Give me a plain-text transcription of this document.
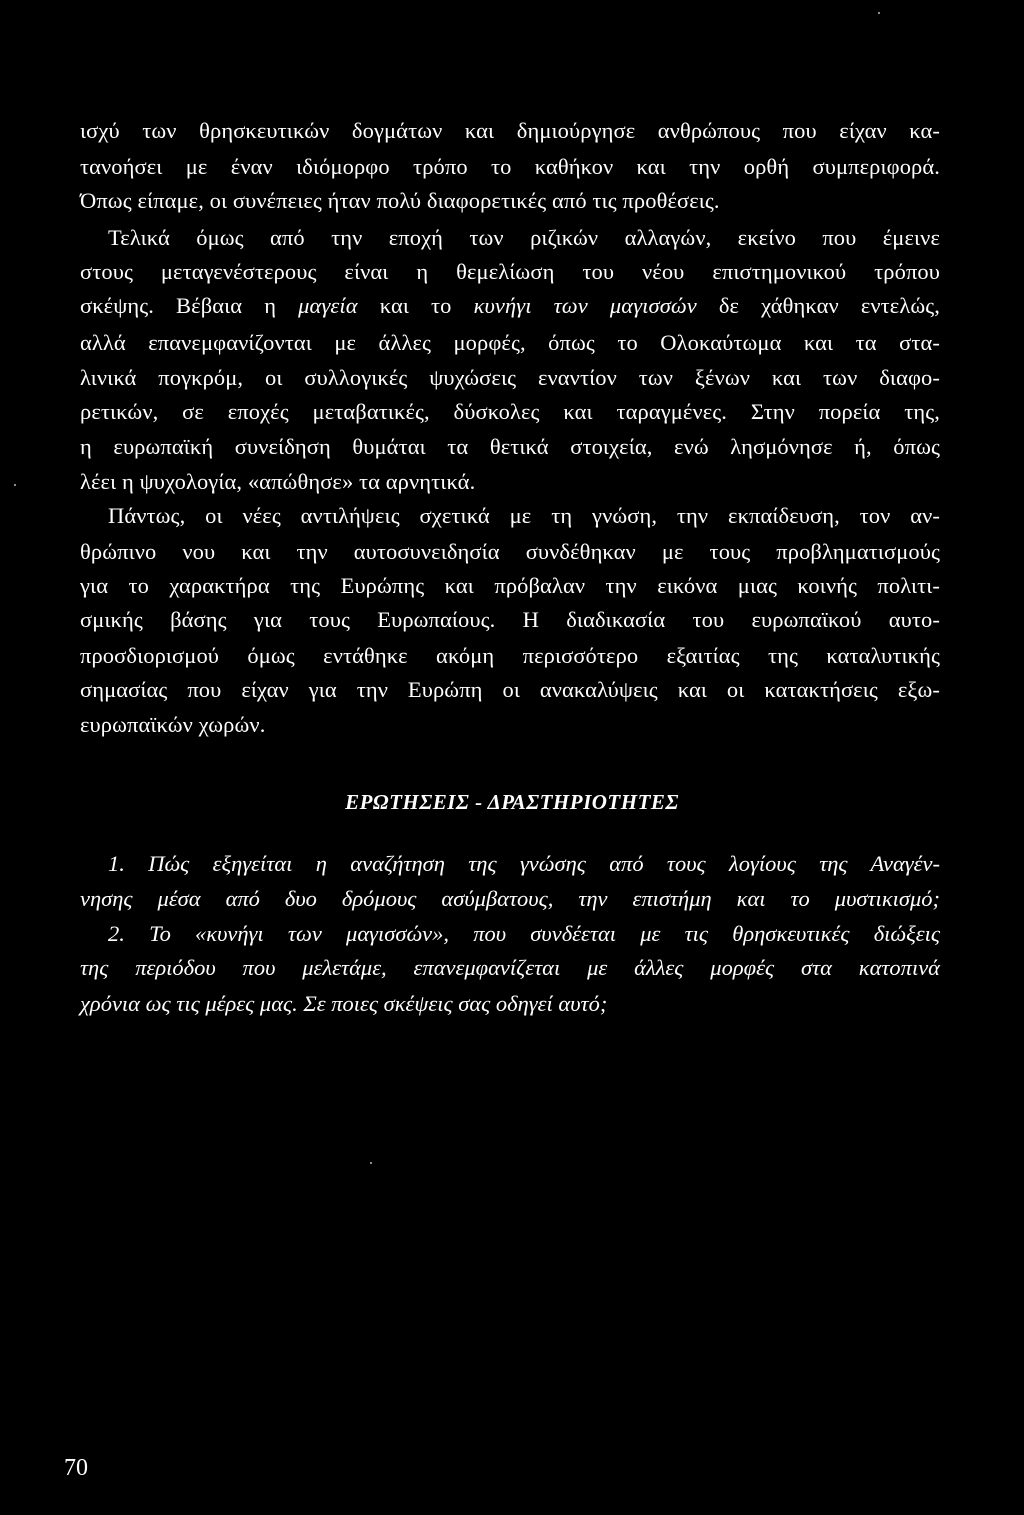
ισχύ των θρησκευτικών δογμάτων και δημιούργησε ανθρώπους που είχαν κα-
τανοήσει με έναν ιδιόμορφο τρόπο το καθήκον και την ορθή συμπεριφορά.
Όπως είπαμε, οι συνέπειες ήταν πολύ διαφορετικές από τις προθέσεις.
Τελικά όμως από την εποχή των ριζικών αλλαγών, εκείνο που έμεινε
στους μεταγενέστερους είναι η θεμελίωση του νέου επιστημονικού τρόπου
σκέψης. Βέβαια η μαγεία και το κυνήγι των μαγισσών δε χάθηκαν εντελώς,
αλλά επανεμφανίζονται με άλλες μορφές, όπως το Ολοκαύτωμα και τα στα-
λινικά πογκρόμ, οι συλλογικές ψυχώσεις εναντίον των ξένων και των διαφο-
ρετικών, σε εποχές μεταβατικές, δύσκολες και ταραγμένες. Στην πορεία της,
η ευρωπαϊκή συνείδηση θυμάται τα θετικά στοιχεία, ενώ λησμόνησε ή, όπως
λέει η ψυχολογία, «απώθησε» τα αρνητικά.
Πάντως, οι νέες αντιλήψεις σχετικά με τη γνώση, την εκπαίδευση, τον αν-
θρώπινο νου και την αυτοσυνειδησία συνδέθηκαν με τους προβληματισμούς
για το χαρακτήρα της Ευρώπης και πρόβαλαν την εικόνα μιας κοινής πολιτι-
σμικής βάσης για τους Ευρωπαίους. Η διαδικασία του ευρωπαϊκού αυτο-
προσδιορισμού όμως εντάθηκε ακόμη περισσότερο εξαιτίας της καταλυτικής
σημασίας που είχαν για την Ευρώπη οι ανακαλύψεις και οι κατακτήσεις εξω-
ευρωπαϊκών χωρών.
ΕΡΩΤΗΣΕΙΣ - ΔΡΑΣΤΗΡΙΟΤΗΤΕΣ
1. Πώς εξηγείται η αναζήτηση της γνώσης από τους λογίους της Αναγέν-
νησης μέσα από δυο δρόμους ασύμβατους, την επιστήμη και το μυστικισμό;
2. Το «κυνήγι των μαγισσών», που συνδέεται με τις θρησκευτικές διώξεις
της περιόδου που μελετάμε, επανεμφανίζεται με άλλες μορφές στα κατοπινά
χρόνια ως τις μέρες μας. Σε ποιες σκέψεις σας οδηγεί αυτό;
70
